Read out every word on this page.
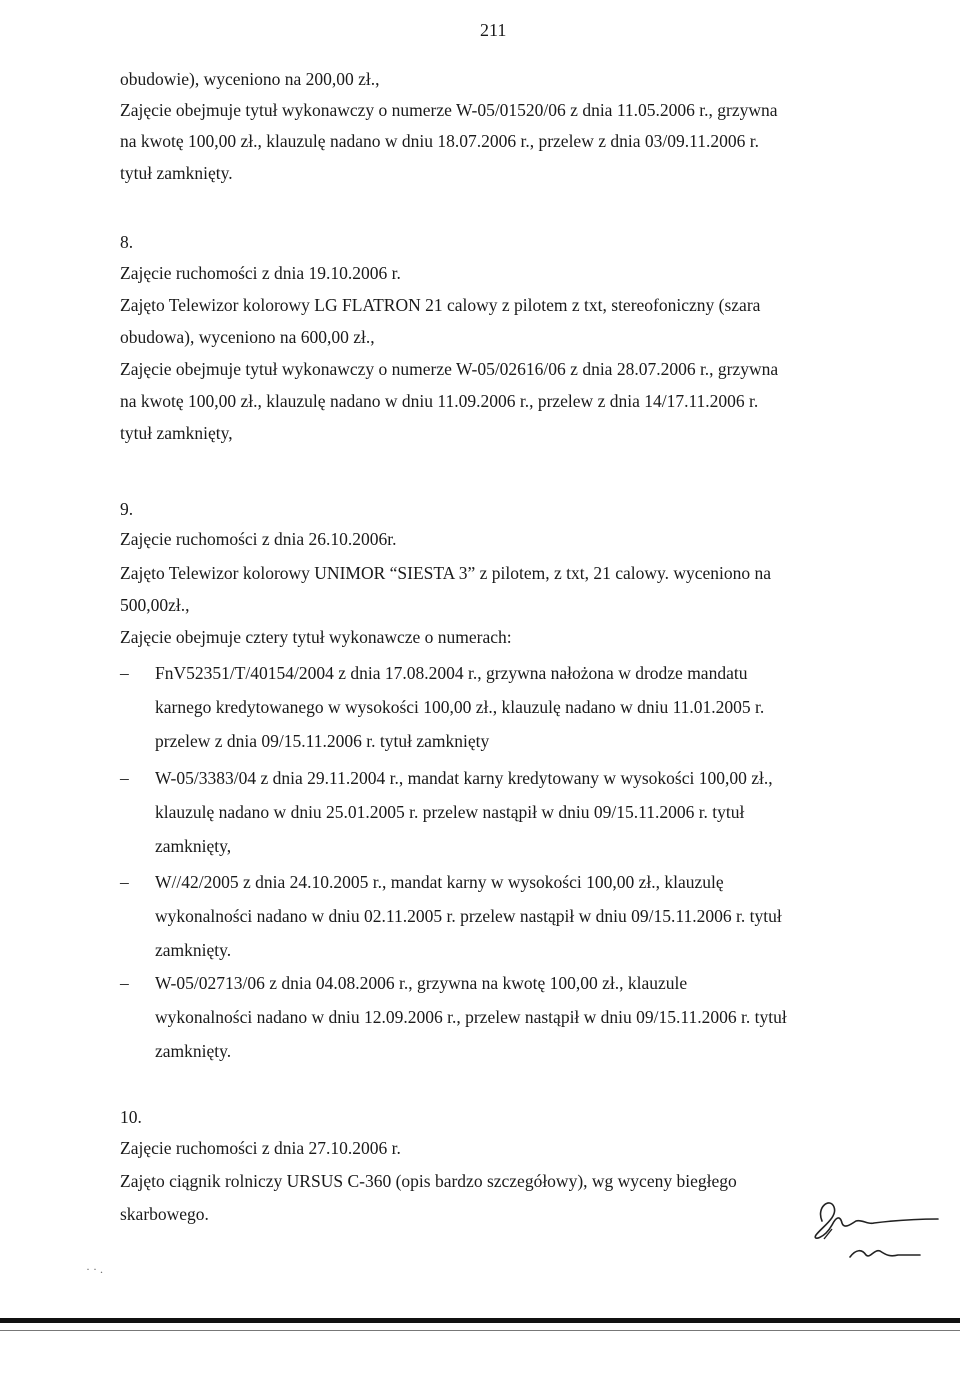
211
obudowie), wyceniono na 200,00 zł.,
Zajęcie obejmuje tytuł wykonawczy o numerze W-05/01520/06 z dnia 11.05.2006 r., grzywna
na kwotę 100,00 zł., klauzulę nadano w dniu 18.07.2006 r., przelew z dnia 03/09.11.2006 r.
tytuł zamknięty.
8.
Zajęcie ruchomości z dnia 19.10.2006 r.
Zajęto Telewizor kolorowy LG FLATRON 21 calowy z pilotem z txt, stereofoniczny (szara
obudowa), wyceniono na 600,00 zł.,
Zajęcie obejmuje tytuł wykonawczy o numerze W-05/02616/06 z dnia 28.07.2006 r., grzywna
na kwotę 100,00 zł., klauzulę nadano w dniu 11.09.2006 r., przelew z dnia 14/17.11.2006 r.
tytuł zamknięty,
9.
Zajęcie ruchomości z dnia 26.10.2006r.
Zajęto Telewizor kolorowy UNIMOR “SIESTA 3” z pilotem, z txt, 21 calowy. wyceniono na
500,00zł.,
Zajęcie obejmuje cztery tytuł wykonawcze o numerach:
– FnV52351/T/40154/2004 z dnia 17.08.2004 r., grzywna nałożona w drodze mandatu
karnego kredytowanego w wysokości 100,00 zł., klauzulę nadano w dniu 11.01.2005 r.
przelew z dnia 09/15.11.2006 r. tytuł zamknięty
– W-05/3383/04 z dnia 29.11.2004 r., mandat karny kredytowany w wysokości 100,00 zł.,
klauzulę nadano w dniu 25.01.2005 r. przelew nastąpił w dniu 09/15.11.2006 r. tytuł
zamknięty,
– W//42/2005 z dnia 24.10.2005 r., mandat karny w wysokości 100,00 zł., klauzulę
wykonalności nadano w dniu 02.11.2005 r. przelew nastąpił w dniu 09/15.11.2006 r. tytuł
zamknięty.
– W-05/02713/06 z dnia 04.08.2006 r., grzywna na kwotę 100,00 zł., klauzule
wykonalności nadano w dniu 12.09.2006 r., przelew nastąpił w dniu 09/15.11.2006 r. tytuł
zamknięty.
10.
Zajęcie ruchomości z dnia 27.10.2006 r.
Zajęto ciągnik rolniczy URSUS C-360 (opis bardzo szczegółowy), wg wyceny biegłego
skarbowego.
· · .
